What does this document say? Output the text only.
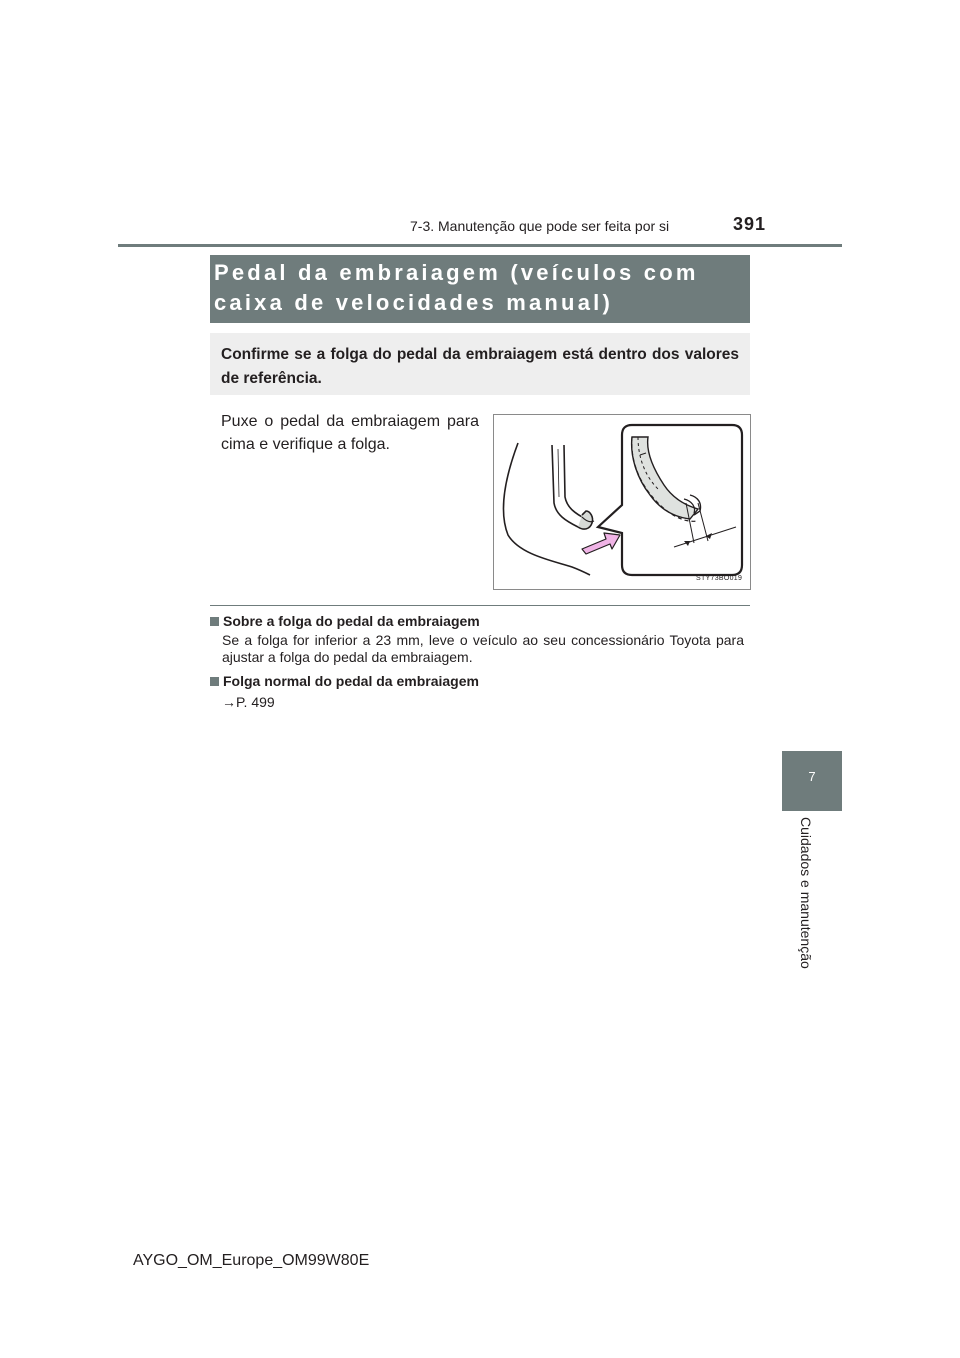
7-3. Manutenção que pode ser feita por si	391
7
Cuidados e manutenção
Pedal da embraiagem (veículos com caixa de velocidades manual)
Confirme se a folga do pedal da embraiagem está dentro dos valores de referência.
Puxe o pedal da embraiagem para cima e verifique a folga.
STY73BO019
Sobre a folga do pedal da embraiagem
Se a folga for inferior a 23 mm, leve o veículo ao seu concessionário Toyota para ajustar a folga do pedal da embraiagem.
Folga normal do pedal da embraiagem
→P. 499
AYGO_OM_Europe_OM99W80E
